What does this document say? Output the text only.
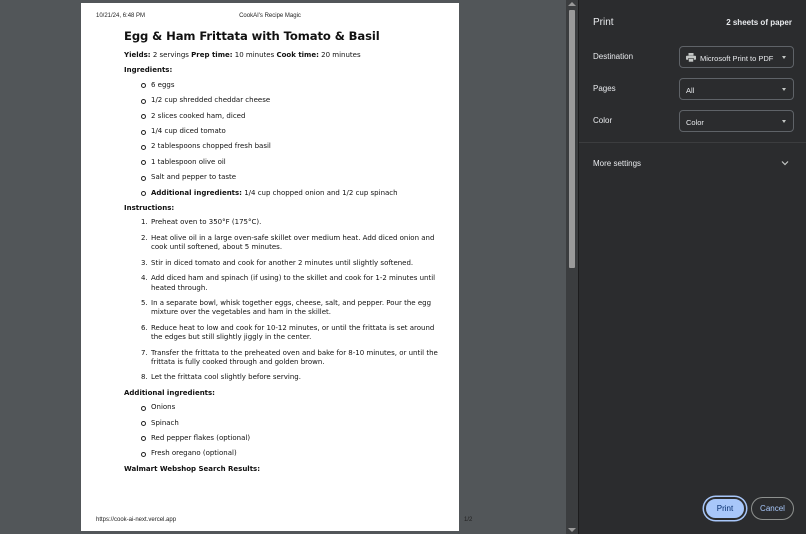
10/21/24, 6:48 PM	CookAI's Recipe Magic
Egg & Ham Frittata with Tomato & Basil
Yields: 2 servings Prep time: 10 minutes Cook time: 20 minutes
Ingredients:
6 eggs
1/2 cup shredded cheddar cheese
2 slices cooked ham, diced
1/4 cup diced tomato
2 tablespoons chopped fresh basil
1 tablespoon olive oil
Salt and pepper to taste
Additional ingredients: 1/4 cup chopped onion and 1/2 cup spinach
Instructions:
1. Preheat oven to 350°F (175°C).
2. Heat olive oil in a large oven-safe skillet over medium heat. Add diced onion and cook until softened, about 5 minutes.
3. Stir in diced tomato and cook for another 2 minutes until slightly softened.
4. Add diced ham and spinach (if using) to the skillet and cook for 1-2 minutes until heated through.
5. In a separate bowl, whisk together eggs, cheese, salt, and pepper. Pour the egg mixture over the vegetables and ham in the skillet.
6. Reduce heat to low and cook for 10-12 minutes, or until the frittata is set around the edges but still slightly jiggly in the center.
7. Transfer the frittata to the preheated oven and bake for 8-10 minutes, or until the frittata is fully cooked through and golden brown.
8. Let the frittata cool slightly before serving.
Additional ingredients:
Onions
Spinach
Red pepper flakes (optional)
Fresh oregano (optional)
Walmart Webshop Search Results:
https://cook-ai-next.vercel.app	1/2
Print	2 sheets of paper
Destination	Microsoft Print to PDF
Pages	All
Color	Color
More settings
Print	Cancel
